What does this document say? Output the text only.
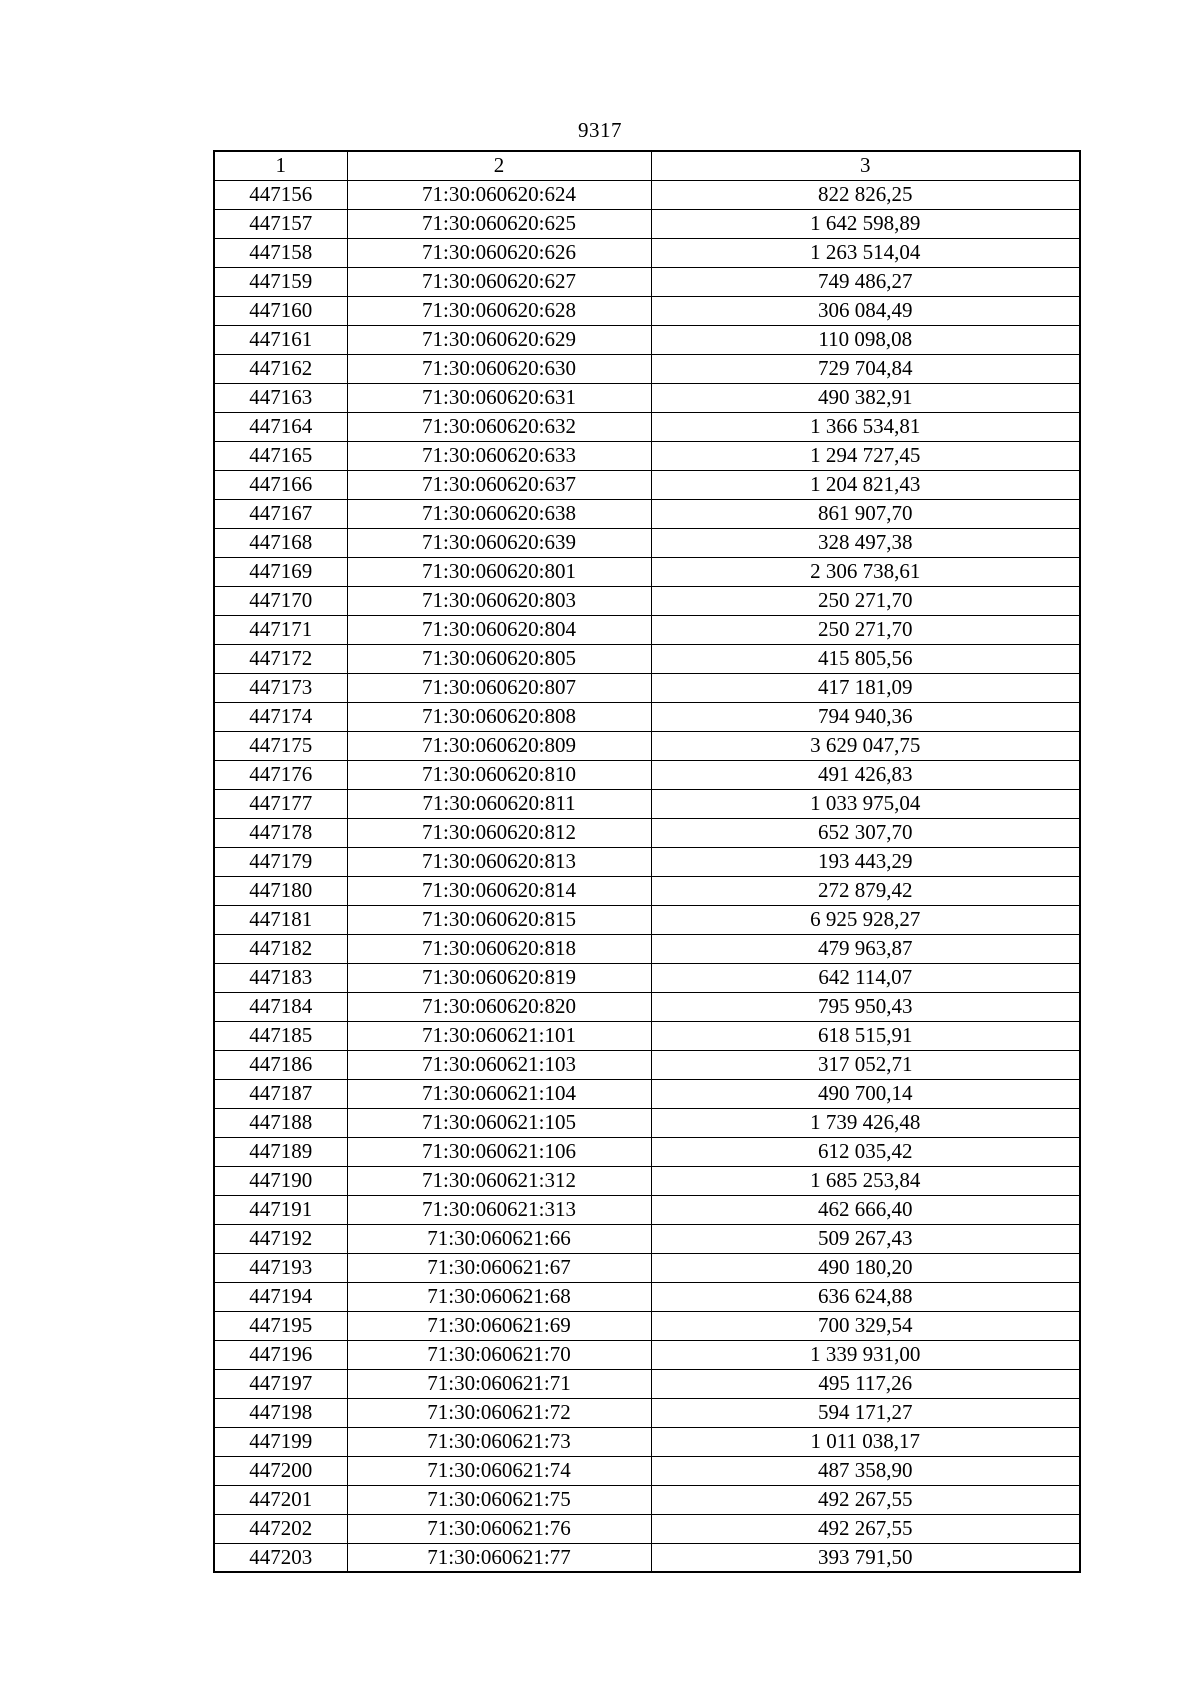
9317
1	2	3
447156	71:30:060620:624	822 826,25
447157	71:30:060620:625	1 642 598,89
447158	71:30:060620:626	1 263 514,04
447159	71:30:060620:627	749 486,27
447160	71:30:060620:628	306 084,49
447161	71:30:060620:629	110 098,08
447162	71:30:060620:630	729 704,84
447163	71:30:060620:631	490 382,91
447164	71:30:060620:632	1 366 534,81
447165	71:30:060620:633	1 294 727,45
447166	71:30:060620:637	1 204 821,43
447167	71:30:060620:638	861 907,70
447168	71:30:060620:639	328 497,38
447169	71:30:060620:801	2 306 738,61
447170	71:30:060620:803	250 271,70
447171	71:30:060620:804	250 271,70
447172	71:30:060620:805	415 805,56
447173	71:30:060620:807	417 181,09
447174	71:30:060620:808	794 940,36
447175	71:30:060620:809	3 629 047,75
447176	71:30:060620:810	491 426,83
447177	71:30:060620:811	1 033 975,04
447178	71:30:060620:812	652 307,70
447179	71:30:060620:813	193 443,29
447180	71:30:060620:814	272 879,42
447181	71:30:060620:815	6 925 928,27
447182	71:30:060620:818	479 963,87
447183	71:30:060620:819	642 114,07
447184	71:30:060620:820	795 950,43
447185	71:30:060621:101	618 515,91
447186	71:30:060621:103	317 052,71
447187	71:30:060621:104	490 700,14
447188	71:30:060621:105	1 739 426,48
447189	71:30:060621:106	612 035,42
447190	71:30:060621:312	1 685 253,84
447191	71:30:060621:313	462 666,40
447192	71:30:060621:66	509 267,43
447193	71:30:060621:67	490 180,20
447194	71:30:060621:68	636 624,88
447195	71:30:060621:69	700 329,54
447196	71:30:060621:70	1 339 931,00
447197	71:30:060621:71	495 117,26
447198	71:30:060621:72	594 171,27
447199	71:30:060621:73	1 011 038,17
447200	71:30:060621:74	487 358,90
447201	71:30:060621:75	492 267,55
447202	71:30:060621:76	492 267,55
447203	71:30:060621:77	393 791,50
